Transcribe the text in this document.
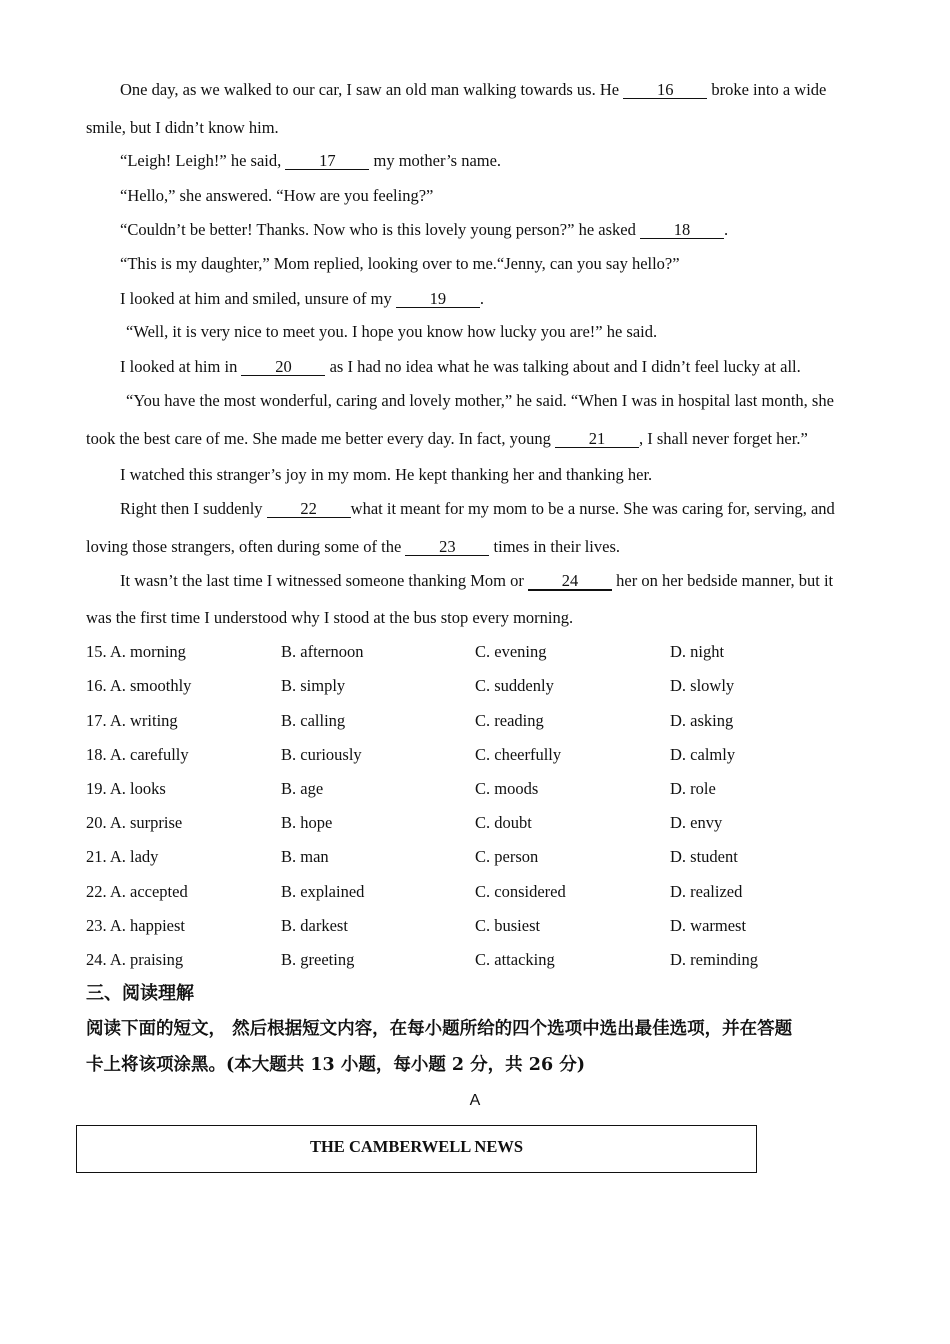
One day, as we walked to our car, I saw an old man walking towards us. He 16 broke into a wide
smile, but I didn’t know him.
“Leigh! Leigh!” he said, 17 my mother’s name.
“Hello,” she answered. “How are you feeling?”
“Couldn’t be better! Thanks. Now who is this lovely young person?” he asked 18 .
“This is my daughter,” Mom replied, looking over to me.“Jenny, can you say hello?”
I looked at him and smiled, unsure of my 19 .
“Well, it is very nice to meet you. I hope you know how lucky you are!” he said.
I looked at him in 20 as I had no idea what he was talking about and I didn’t feel lucky at all.
“You have the most wonderful, caring and lovely mother,” he said. “When I was in hospital last month, she
took the best care of me. She made me better every day. In fact, young 21 , I shall never forget her.”
I watched this stranger’s joy in my mom. He kept thanking her and thanking her.
Right then I suddenly 22 what it meant for my mom to be a nurse. She was caring for, serving, and
loving those strangers, often during some of the 23 times in their lives.
It wasn’t the last time I witnessed someone thanking Mom or 24 her on her bedside manner, but it
was the first time I understood why I stood at the bus stop every morning.
15. A. morning	B. afternoon	C. evening	D. night
16. A. smoothly	B. simply	C. suddenly	D. slowly
17. A. writing	B. calling	C. reading	D. asking
18. A. carefully	B. curiously	C. cheerfully	D. calmly
19. A. looks	B. age	C. moods	D. role
20. A. surprise	B. hope	C. doubt	D. envy
21. A. lady	B. man	C. person	D. student
22. A. accepted	B. explained	C. considered	D. realized
23. A. happiest	B. darkest	C. busiest	D. warmest
24. A. praising	B. greeting	C. attacking	D. reminding
三、阅读理解
阅读下面的短文， 然后根据短文内容，在每小题所给的四个选项中选出最佳选项，并在答题
卡上将该项涂黑。(本大题共 13 小题，每小题 2 分，共 26 分)
A
THE CAMBERWELL NEWS
